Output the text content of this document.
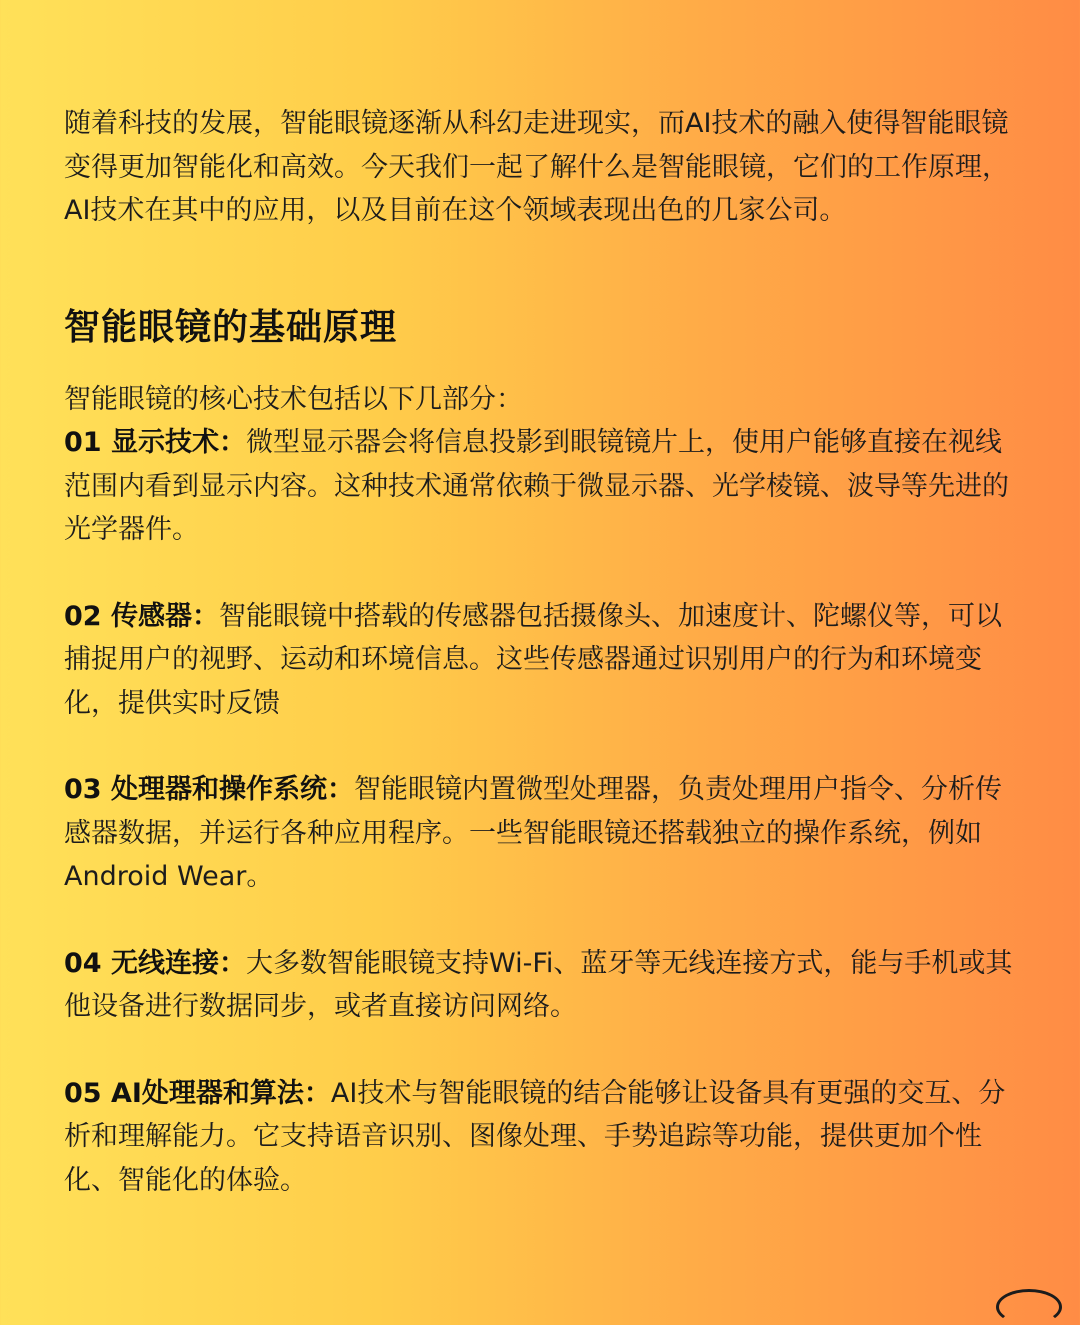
随着科技的发展，智能眼镜逐渐从科幻走进现实，而AI技术的融入使得智能眼镜变得更加智能化和高效。今天我们一起了解什么是智能眼镜，它们的工作原理，AI技术在其中的应用，以及目前在这个领域表现出色的几家公司。

智能眼镜的基础原理

智能眼镜的核心技术包括以下几部分：

01 显示技术：微型显示器会将信息投影到眼镜镜片上，使用户能够直接在视线范围内看到显示内容。这种技术通常依赖于微显示器、光学棱镜、波导等先进的光学器件。

02 传感器：智能眼镜中搭载的传感器包括摄像头、加速度计、陀螺仪等，可以捕捉用户的视野、运动和环境信息。这些传感器通过识别用户的行为和环境变化，提供实时反馈

03 处理器和操作系统：智能眼镜内置微型处理器，负责处理用户指令、分析传感器数据，并运行各种应用程序。一些智能眼镜还搭载独立的操作系统，例如Android Wear。

04 无线连接：大多数智能眼镜支持Wi-Fi、蓝牙等无线连接方式，能与手机或其他设备进行数据同步，或者直接访问网络。

05 AI处理器和算法：AI技术与智能眼镜的结合能够让设备具有更强的交互、分析和理解能力。它支持语音识别、图像处理、手势追踪等功能，提供更加个性化、智能化的体验。
